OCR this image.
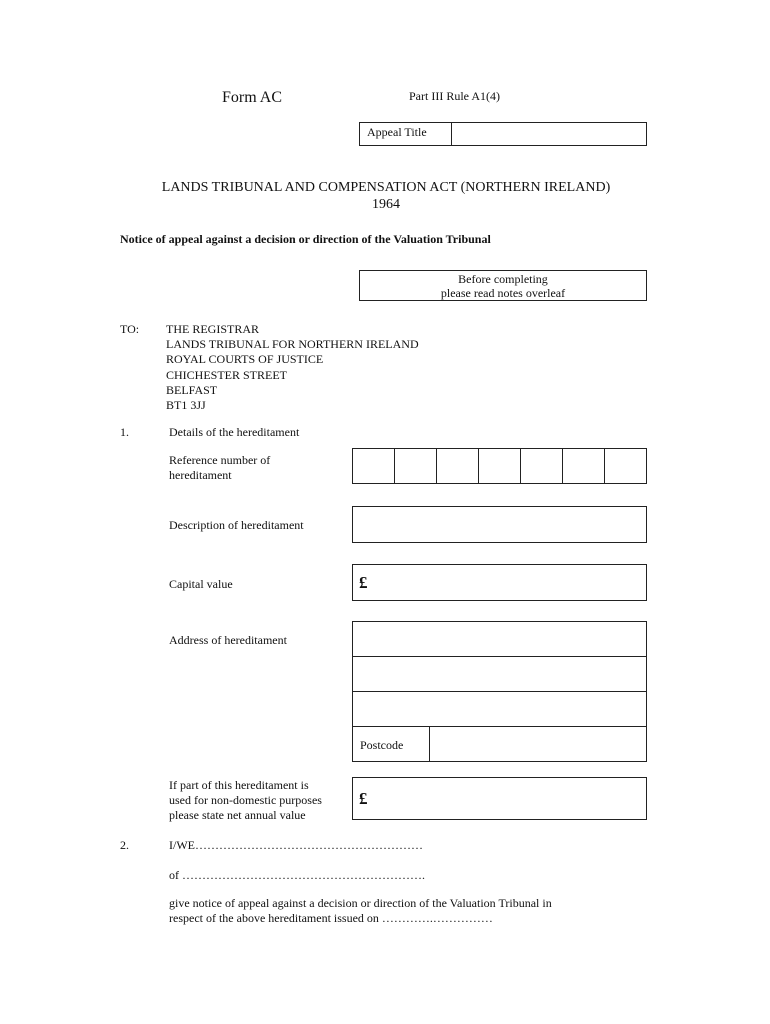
Form AC	Part III Rule A1(4)
Appeal Title
LANDS TRIBUNAL AND COMPENSATION ACT (NORTHERN IRELAND)
1964
Notice of appeal against a decision or direction of the Valuation Tribunal
Before completing
please read notes overleaf
TO: THE REGISTRAR
LANDS TRIBUNAL FOR NORTHERN IRELAND
ROYAL COURTS OF JUSTICE
CHICHESTER STREET
BELFAST
BT1 3JJ
1.	Details of the hereditament
Reference number of
hereditament
Description of hereditament
Capital value	£
Address of hereditament
Postcode
If part of this hereditament is
used for non-domestic purposes
please state net annual value
£
2.	I/WE…………………………………………………
of …………………………………………………….
give notice of appeal against a decision or direction of the Valuation Tribunal in
respect of the above hereditament issued on ………….……………
